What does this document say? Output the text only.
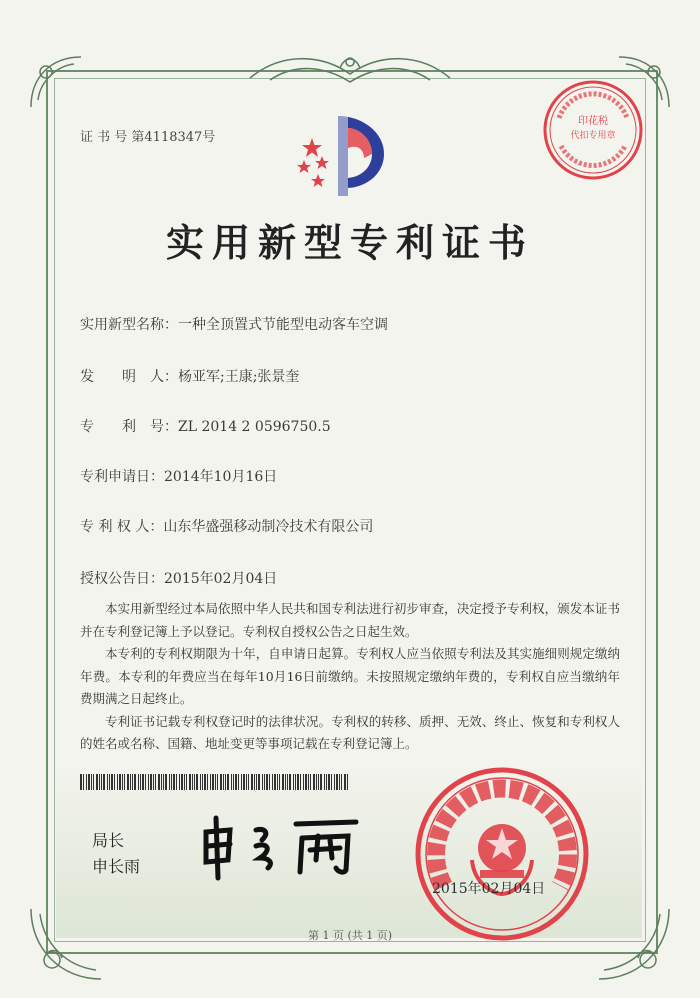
证 书 号 第4118347号
印花税
代扣专用章
实用新型专利证书
实用新型名称：一种全顶置式节能型电动客车空调
发　　明　人：杨亚军;王康;张景奎
专　　利　号：ZL 2014 2 0596750.5
专利申请日：2014年10月16日
专 利 权 人：山东华盛强移动制冷技术有限公司
授权公告日：2015年02月04日

本实用新型经过本局依照中华人民共和国专利法进行初步审查，决定授予专利权，颁发本证书并在专利登记簿上予以登记。专利权自授权公告之日起生效。

本专利的专利权期限为十年，自申请日起算。专利权人应当依照专利法及其实施细则规定缴纳年费。本专利的年费应当在每年10月16日前缴纳。未按照规定缴纳年费的，专利权自应当缴纳年费期满之日起终止。

专利证书记载专利权登记时的法律状况。专利权的转移、质押、无效、终止、恢复和专利权人的姓名或名称、国籍、地址变更等事项记载在专利登记簿上。

局长
申长雨
2015年02月04日
第 1 页 (共 1 页)
